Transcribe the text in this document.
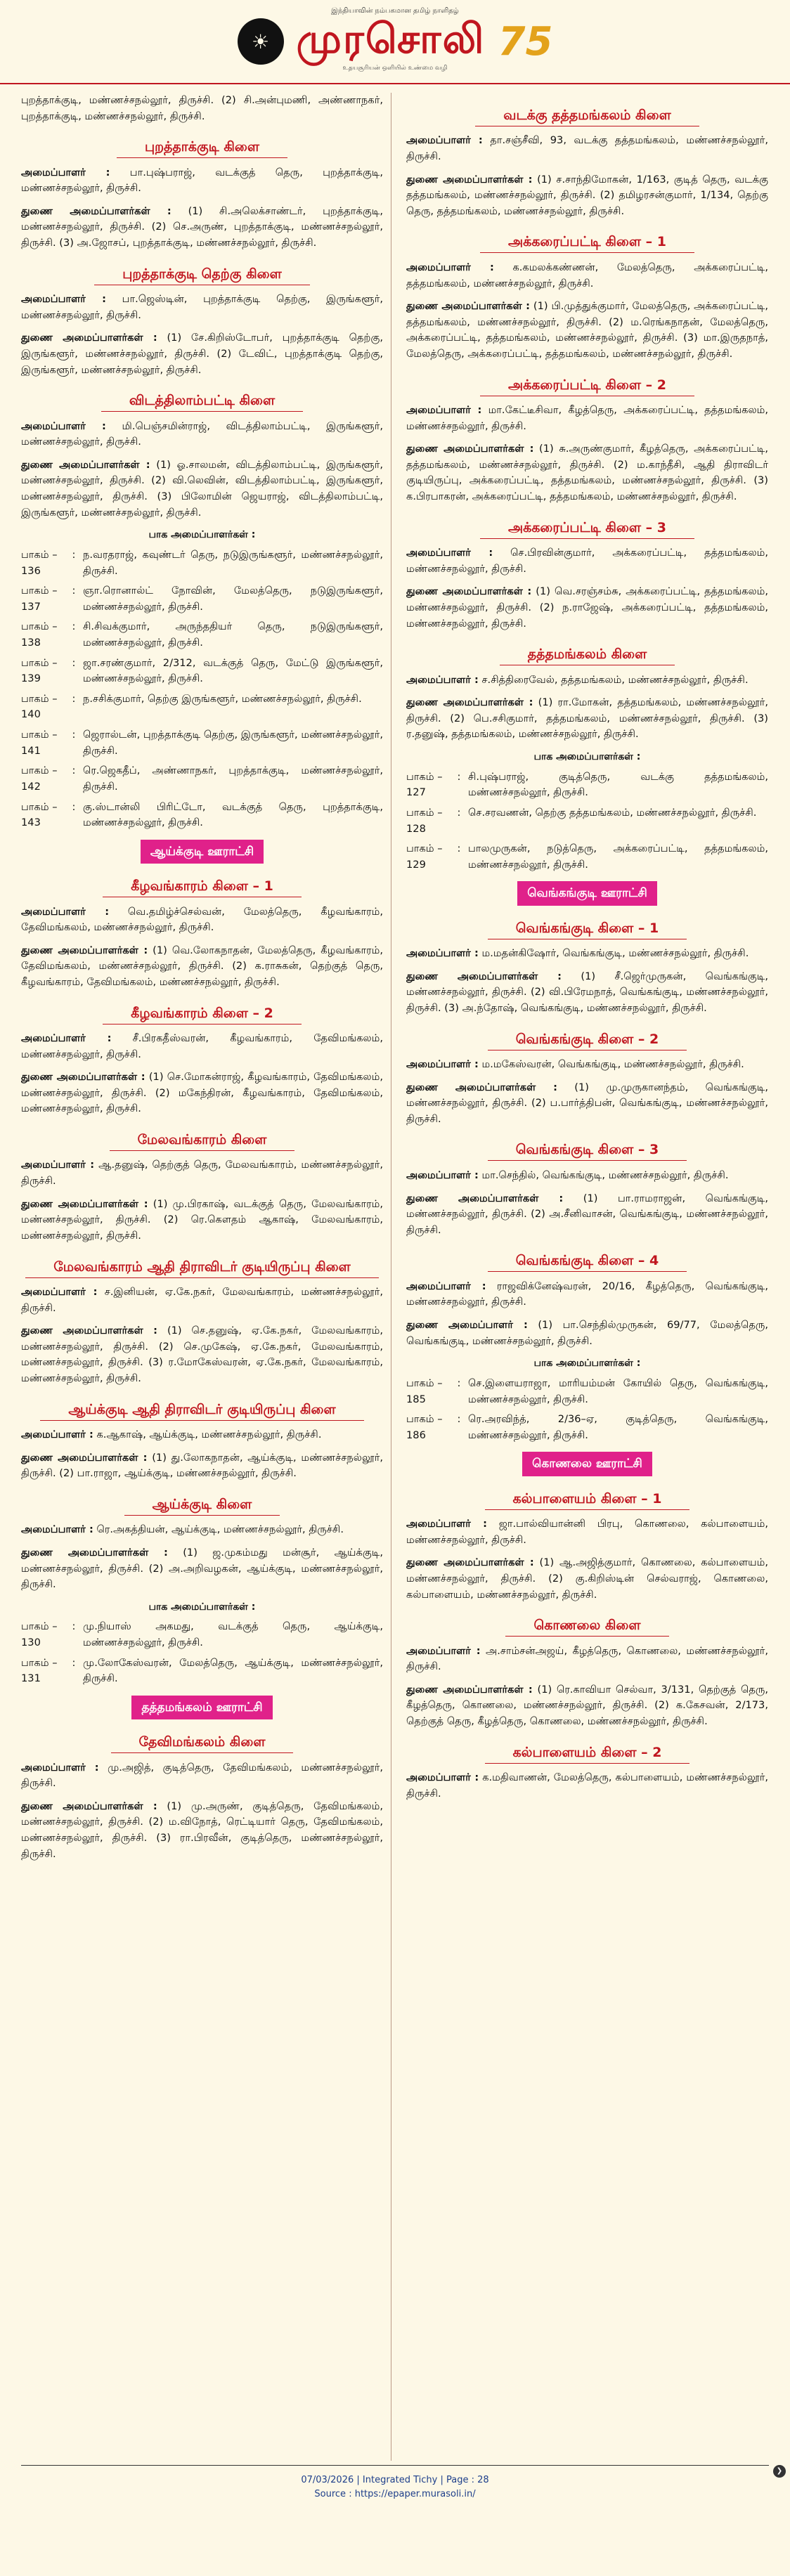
இந்தியாவின் நம்பகமான தமிழ் நாளிதழ்
☀ முரசொலி 75
உதயசூரியன் ஒளியில் உண்மை வழி
புறத்தாக்குடி, மண்ணச்சநல்லூர், திருச்சி. (2) சி.அன்புமணி, அண்ணாநகர், புறத்தாக்குடி, மண்ணச்சநல்லூர், திருச்சி.
புறத்தாக்குடி கிளை
அமைப்பாளர் : பா.புஷ்பராஜ், வடக்குத் தெரு, புறத்தாக்குடி, மண்ணச்சநல்லூர், திருச்சி.
துணை அமைப்பாளர்கள் : (1) சி.அலெக்சாண்டர், புறத்தாக்குடி, மண்ணச்சநல்லூர், திருச்சி. (2) செ.அருண், புறத்தாக்குடி, மண்ணச்சநல்லூர், திருச்சி. (3) அ.ஜோசப், புறத்தாக்குடி, மண்ணச்சநல்லூர், திருச்சி.
புறத்தாக்குடி தெற்கு கிளை
அமைப்பாளர் : பா.ஜெஸ்டின், புறத்தாக்குடி தெற்கு, இருங்களூர், மண்ணச்சநல்லூர், திருச்சி.
துணை அமைப்பாளர்கள் : (1) சே.கிறிஸ்டோபர், புறத்தாக்குடி தெற்கு, இருங்களூர், மண்ணச்சநல்லூர், திருச்சி. (2) டேவிட், புறத்தாக்குடி தெற்கு, இருங்களூர், மண்ணச்சநல்லூர், திருச்சி.
விடத்திலாம்பட்டி கிளை
அமைப்பாளர் : மி.பெஞ்சமின்ராஜ், விடத்திலாம்பட்டி, இருங்களூர், மண்ணச்சநல்லூர், திருச்சி.
துணை அமைப்பாளர்கள் : (1) ஓ.சாலமன், விடத்திலாம்பட்டி, இருங்களூர், மண்ணச்சநல்லூர், திருச்சி. (2) வி.லெவின், விடத்திலாம்பட்டி, இருங்களூர், மண்ணச்சநல்லூர், திருச்சி. (3) பிலோமின் ஜெயராஜ், விடத்திலாம்பட்டி, இருங்களூர், மண்ணச்சநல்லூர், திருச்சி.
பாக அமைப்பாளர்கள் :
பாகம் – 136
: ந.வரதராஜ், கவுண்டர் தெரு, நடுஇருங்களூர், மண்ணச்சநல்லூர், திருச்சி.
பாகம் – 137
: ஞா.ரொனால்ட் நோவின், மேலத்தெரு, நடுஇருங்களூர், மண்ணச்சநல்லூர், திருச்சி.
பாகம் – 138
: சி.சிவக்குமார், அருந்ததியர் தெரு, நடுஇருங்களூர், மண்ணச்சநல்லூர், திருச்சி.
பாகம் – 139
: ஜா.சரண்குமார், 2/312, வடக்குத் தெரு, மேட்டு இருங்களூர், மண்ணச்சநல்லூர், திருச்சி.
பாகம் – 140
: ந.சசிக்குமார், தெற்கு இருங்களூர், மண்ணச்சநல்லூர், திருச்சி.
பாகம் – 141
: ஜெரால்டன், புறத்தாக்குடி தெற்கு, இருங்களூர், மண்ணச்சநல்லூர், திருச்சி.
பாகம் – 142
: ரெ.ஜெகதீப், அண்ணாநகர், புறத்தாக்குடி, மண்ணச்சநல்லூர், திருச்சி.
பாகம் – 143
: கு.ஸ்டான்லி பிரிட்டோ, வடக்குத் தெரு, புறத்தாக்குடி, மண்ணச்சநல்லூர், திருச்சி.
ஆய்க்குடி ஊராட்சி
கீழவங்காரம் கிளை – 1
அமைப்பாளர் : வெ.தமிழ்ச்செல்வன், மேலத்தெரு, கீழவங்காரம், தேவிமங்கலம், மண்ணச்சநல்லூர், திருச்சி.
துணை அமைப்பாளர்கள் : (1) வெ.லோகநாதன், மேலத்தெரு, கீழவங்காரம், தேவிமங்கலம், மண்ணச்சநல்லூர், திருச்சி. (2) க.ராசுகன், தெற்குத் தெரு, கீழவங்காரம், தேவிமங்கலம், மண்ணச்சநல்லூர், திருச்சி.
கீழவங்காரம் கிளை – 2
அமைப்பாளர் : சீ.பிரகதீஸ்வரன், கீழவங்காரம், தேவிமங்கலம், மண்ணச்சநல்லூர், திருச்சி.
துணை அமைப்பாளர்கள் : (1) செ.மோகன்ராஜ், கீழவங்காரம், தேவிமங்கலம், மண்ணச்சநல்லூர், திருச்சி. (2) மகேந்திரன், கீழவங்காரம், தேவிமங்கலம், மண்ணச்சநல்லூர், திருச்சி.
மேலவங்காரம் கிளை
அமைப்பாளர் : ஆ.தனுஷ், தெற்குத் தெரு, மேலவங்காரம், மண்ணச்சநல்லூர், திருச்சி.
துணை அமைப்பாளர்கள் : (1) மு.பிரகாஷ், வடக்குத் தெரு, மேலவங்காரம், மண்ணச்சநல்லூர், திருச்சி. (2) ரெ.கௌதம் ஆகாஷ், மேலவங்காரம், மண்ணச்சநல்லூர், திருச்சி.
மேலவங்காரம் ஆதி திராவிடர் குடியிருப்பு கிளை
அமைப்பாளர் : ச.இனியன், ஏ.கே.நகர், மேலவங்காரம், மண்ணச்சநல்லூர், திருச்சி.
துணை அமைப்பாளர்கள் : (1) செ.தனுஷ், ஏ.கே.நகர், மேலவங்காரம், மண்ணச்சநல்லூர், திருச்சி. (2) செ.முகேஷ், ஏ.கே.நகர், மேலவங்காரம், மண்ணச்சநல்லூர், திருச்சி. (3) ர.மோகேஸ்வரன், ஏ.கே.நகர், மேலவங்காரம், மண்ணச்சநல்லூர், திருச்சி.
ஆய்க்குடி ஆதி திராவிடர் குடியிருப்பு கிளை
அமைப்பாளர் : க.ஆகாஷ், ஆய்க்குடி, மண்ணச்சநல்லூர், திருச்சி.
துணை அமைப்பாளர்கள் : (1) து.லோகநாதன், ஆய்க்குடி, மண்ணச்சநல்லூர், திருச்சி. (2) பா.ராஜா, ஆய்க்குடி, மண்ணச்சநல்லூர், திருச்சி.
ஆய்க்குடி கிளை
அமைப்பாளர் : ரெ.அகத்தியன், ஆய்க்குடி, மண்ணச்சநல்லூர், திருச்சி.
துணை அமைப்பாளர்கள் : (1) ஜ.முகம்மது மன்சூர், ஆய்க்குடி, மண்ணச்சநல்லூர், திருச்சி. (2) அ.அறிவழகன், ஆய்க்குடி, மண்ணச்சநல்லூர், திருச்சி.
பாக அமைப்பாளர்கள் :
பாகம் – 130
: மு.நியாஸ் அகமது, வடக்குத் தெரு, ஆய்க்குடி, மண்ணச்சநல்லூர், திருச்சி.
பாகம் – 131
: மு.லோகேஸ்வரன், மேலத்தெரு, ஆய்க்குடி, மண்ணச்சநல்லூர், திருச்சி.
தத்தமங்கலம் ஊராட்சி
தேவிமங்கலம் கிளை
அமைப்பாளர் : மு.அஜித், குடித்தெரு, தேவிமங்கலம், மண்ணச்சநல்லூர், திருச்சி.
துணை அமைப்பாளர்கள் : (1) மு.அருண், குடித்தெரு, தேவிமங்கலம், மண்ணச்சநல்லூர், திருச்சி. (2) ம.விநோத், ரெட்டியார் தெரு, தேவிமங்கலம், மண்ணச்சநல்லூர், திருச்சி. (3) ரா.பிரவீன், குடித்தெரு, மண்ணச்சநல்லூர், திருச்சி.
வடக்கு தத்தமங்கலம் கிளை
அமைப்பாளர் : தா.சஞ்சீவி, 93, வடக்கு தத்தமங்கலம், மண்ணச்சநல்லூர், திருச்சி.
துணை அமைப்பாளர்கள் : (1) ச.சாந்திமோகன், 1/163, குடித் தெரு, வடக்கு தத்தமங்கலம், மண்ணச்சநல்லூர், திருச்சி. (2) தமிழரசன்குமார், 1/134, தெற்கு தெரு, தத்தமங்கலம், மண்ணச்சநல்லூர், திருச்சி.
அக்கரைப்பட்டி கிளை – 1
அமைப்பாளர் : க.கமலக்கண்ணன், மேலத்தெரு, அக்கரைப்பட்டி, தத்தமங்கலம், மண்ணச்சநல்லூர், திருச்சி.
துணை அமைப்பாளர்கள் : (1) பி.முத்துக்குமார், மேலத்தெரு, அக்கரைப்பட்டி, தத்தமங்கலம், மண்ணச்சநல்லூர், திருச்சி. (2) ம.ரெங்கநாதன், மேலத்தெரு, அக்கரைப்பட்டி, தத்தமங்கலம், மண்ணச்சநல்லூர், திருச்சி. (3) மா.இருதநாத், மேலத்தெரு, அக்கரைப்பட்டி, தத்தமங்கலம், மண்ணச்சநல்லூர், திருச்சி.
அக்கரைப்பட்டி கிளை – 2
அமைப்பாளர் : மா.கேட்டீசிவா, கீழத்தெரு, அக்கரைப்பட்டி, தத்தமங்கலம், மண்ணச்சநல்லூர், திருச்சி.
துணை அமைப்பாளர்கள் : (1) சு.அருண்குமார், கீழத்தெரு, அக்கரைப்பட்டி, தத்தமங்கலம், மண்ணச்சநல்லூர், திருச்சி. (2) ம.காந்தீசி, ஆதி திராவிடர் குடியிருப்பு, அக்கரைப்பட்டி, தத்தமங்கலம், மண்ணச்சநல்லூர், திருச்சி. (3) க.பிரபாகரன், அக்கரைப்பட்டி, தத்தமங்கலம், மண்ணச்சநல்லூர், திருச்சி.
அக்கரைப்பட்டி கிளை – 3
அமைப்பாளர் : செ.பிரவின்குமார், அக்கரைப்பட்டி, தத்தமங்கலம், மண்ணச்சநல்லூர், திருச்சி.
துணை அமைப்பாளர்கள் : (1) வெ.சரஞ்சம்சு, அக்கரைப்பட்டி, தத்தமங்கலம், மண்ணச்சநல்லூர், திருச்சி. (2) ந.ராஜேஷ், அக்கரைப்பட்டி, தத்தமங்கலம், மண்ணச்சநல்லூர், திருச்சி.
தத்தமங்கலம் கிளை
அமைப்பாளர் : ச.சித்திரைவேல், தத்தமங்கலம், மண்ணச்சநல்லூர், திருச்சி.
துணை அமைப்பாளர்கள் : (1) ரா.மோகன், தத்தமங்கலம், மண்ணச்சநல்லூர், திருச்சி. (2) பெ.சசிகுமார், தத்தமங்கலம், மண்ணச்சநல்லூர், திருச்சி. (3) ர.தனுஷ், தத்தமங்கலம், மண்ணச்சநல்லூர், திருச்சி.
பாக அமைப்பாளர்கள் :
பாகம் – 127
: சி.புஷ்பராஜ், குடித்தெரு, வடக்கு தத்தமங்கலம், மண்ணச்சநல்லூர், திருச்சி.
பாகம் – 128
: செ.சரவணன், தெற்கு தத்தமங்கலம், மண்ணச்சநல்லூர், திருச்சி.
பாகம் – 129
: பாலமுருகன், நடுத்தெரு, அக்கரைப்பட்டி, தத்தமங்கலம், மண்ணச்சநல்லூர், திருச்சி.
வெங்கங்குடி ஊராட்சி
வெங்கங்குடி கிளை – 1
அமைப்பாளர் : ம.மதன்கிஷோர், வெங்கங்குடி, மண்ணச்சநல்லூர், திருச்சி.
துணை அமைப்பாளர்கள் : (1) சீ.ஜெர்முருகன், வெங்கங்குடி, மண்ணச்சநல்லூர், திருச்சி. (2) வி.பிரேமநாத், வெங்கங்குடி, மண்ணச்சநல்லூர், திருச்சி. (3) அ.ந்தோஷ், வெங்கங்குடி, மண்ணச்சநல்லூர், திருச்சி.
வெங்கங்குடி கிளை – 2
அமைப்பாளர் : ம.மகேஸ்வரன், வெங்கங்குடி, மண்ணச்சநல்லூர், திருச்சி.
துணை அமைப்பாளர்கள் : (1) மு.முருகானந்தம், வெங்கங்குடி, மண்ணச்சநல்லூர், திருச்சி. (2) ப.பார்த்திபன், வெங்கங்குடி, மண்ணச்சநல்லூர், திருச்சி.
வெங்கங்குடி கிளை – 3
அமைப்பாளர் : மா.செந்தில், வெங்கங்குடி, மண்ணச்சநல்லூர், திருச்சி.
துணை அமைப்பாளர்கள் : (1) பா.ராமராஜன், வெங்கங்குடி, மண்ணச்சநல்லூர், திருச்சி. (2) அ.சீனிவாசன், வெங்கங்குடி, மண்ணச்சநல்லூர், திருச்சி.
வெங்கங்குடி கிளை – 4
அமைப்பாளர் : ராஜவிக்னேஷ்வரன், 20/16, கீழத்தெரு, வெங்கங்குடி, மண்ணச்சநல்லூர், திருச்சி.
துணை அமைப்பாளர் : (1) பா.செந்தில்முருகன், 69/77, மேலத்தெரு, வெங்கங்குடி, மண்ணச்சநல்லூர், திருச்சி.
பாக அமைப்பாளர்கள் :
பாகம் – 185
: செ.இளையராஜா, மாரியம்மன் கோயில் தெரு, வெங்கங்குடி, மண்ணச்சநல்லூர், திருச்சி.
பாகம் – 186
: ரெ.அரவிந்த், 2/36–ஏ, குடித்தெரு, வெங்கங்குடி, மண்ணச்சநல்லூர், திருச்சி.
கொணலை ஊராட்சி
கல்பாளையம் கிளை – 1
அமைப்பாளர் : ஜா.பால்வியான்னி பிரபு, கொணலை, கல்பாளையம், மண்ணச்சநல்லூர், திருச்சி.
துணை அமைப்பாளர்கள் : (1) ஆ.அஜித்குமார், கொணலை, கல்பாளையம், மண்ணச்சநல்லூர், திருச்சி. (2) கு.கிறிஸ்டின் செல்வராஜ், கொணலை, கல்பாளையம், மண்ணச்சநல்லூர், திருச்சி.
கொணலை கிளை
அமைப்பாளர் : அ.சாம்சன்அஜய், கீழத்தெரு, கொணலை, மண்ணச்சநல்லூர், திருச்சி.
துணை அமைப்பாளர்கள் : (1) ரெ.காவியா செல்வா, 3/131, தெற்குத் தெரு, கீழத்தெரு, கொணலை, மண்ணச்சநல்லூர், திருச்சி. (2) க.கேசவன், 2/173, தெற்குத் தெரு, கீழத்தெரு, கொணலை, மண்ணச்சநல்லூர், திருச்சி.
கல்பாளையம் கிளை – 2
அமைப்பாளர் : க.மதிவாணன், மேலத்தெரு, கல்பாளையம், மண்ணச்சநல்லூர், திருச்சி.
❯
07/03/2026 | Integrated Tichy | Page : 28
Source : https://epaper.murasoli.in/
